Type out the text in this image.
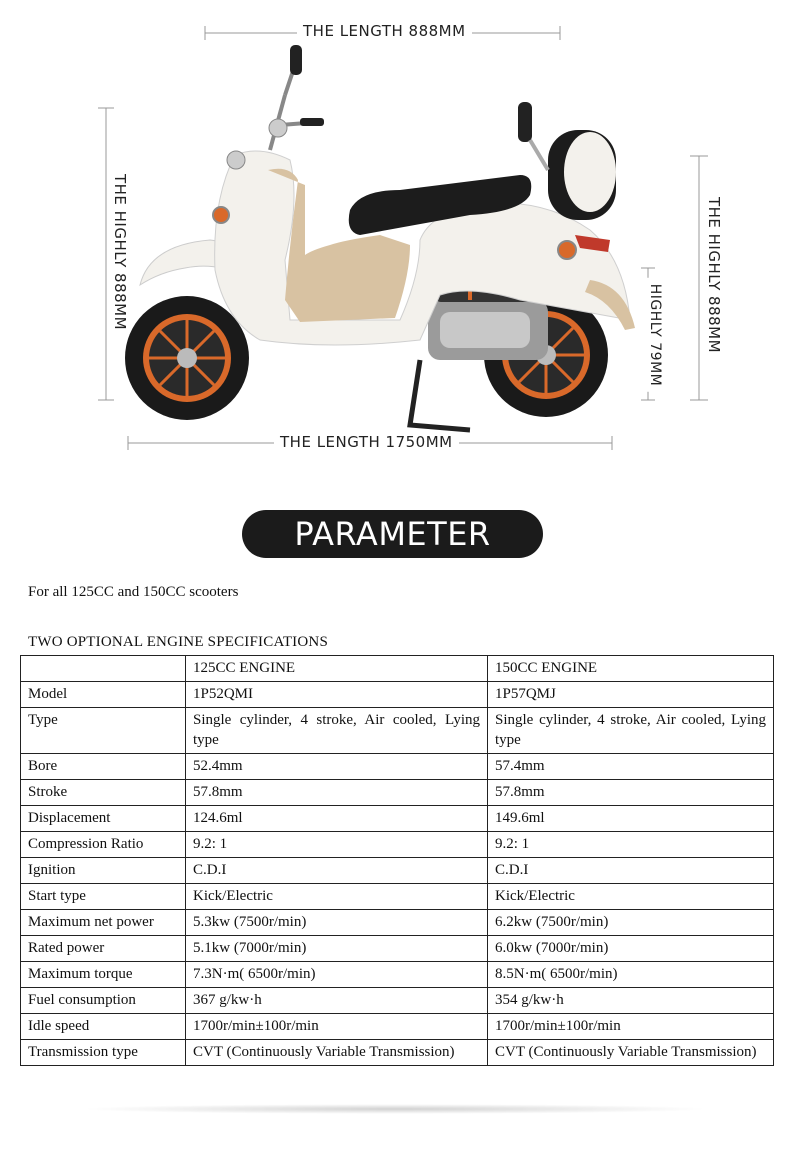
THE LENGTH 888MM
THE LENGTH 1750MM
THE HIGHLY 888MM	THE HIGHLY 888MM
HIGHLY 79MM
PARAMETER
For all 125CC and 150CC scooters
TWO OPTIONAL ENGINE SPECIFICATIONS
	125CC ENGINE	150CC ENGINE
Model	1P52QMI	1P57QMJ
Type	Single cylinder, 4 stroke, Air cooled, Lying type	Single cylinder, 4 stroke, Air cooled, Lying type
Bore	52.4mm	57.4mm
Stroke	57.8mm	57.8mm
Displacement	124.6ml	149.6ml
Compression Ratio	9.2: 1	9.2: 1
Ignition	C.D.I	C.D.I
Start type	Kick/Electric	Kick/Electric
Maximum net power	5.3kw (7500r/min)	6.2kw (7500r/min)
Rated power	5.1kw (7000r/min)	6.0kw (7000r/min)
Maximum torque	7.3N·m( 6500r/min)	8.5N·m( 6500r/min)
Fuel consumption	367 g/kw·h	354 g/kw·h
Idle speed	1700r/min±100r/min	1700r/min±100r/min
Transmission type	CVT (Continuously Variable Transmission)	CVT (Continuously Variable Transmission)
